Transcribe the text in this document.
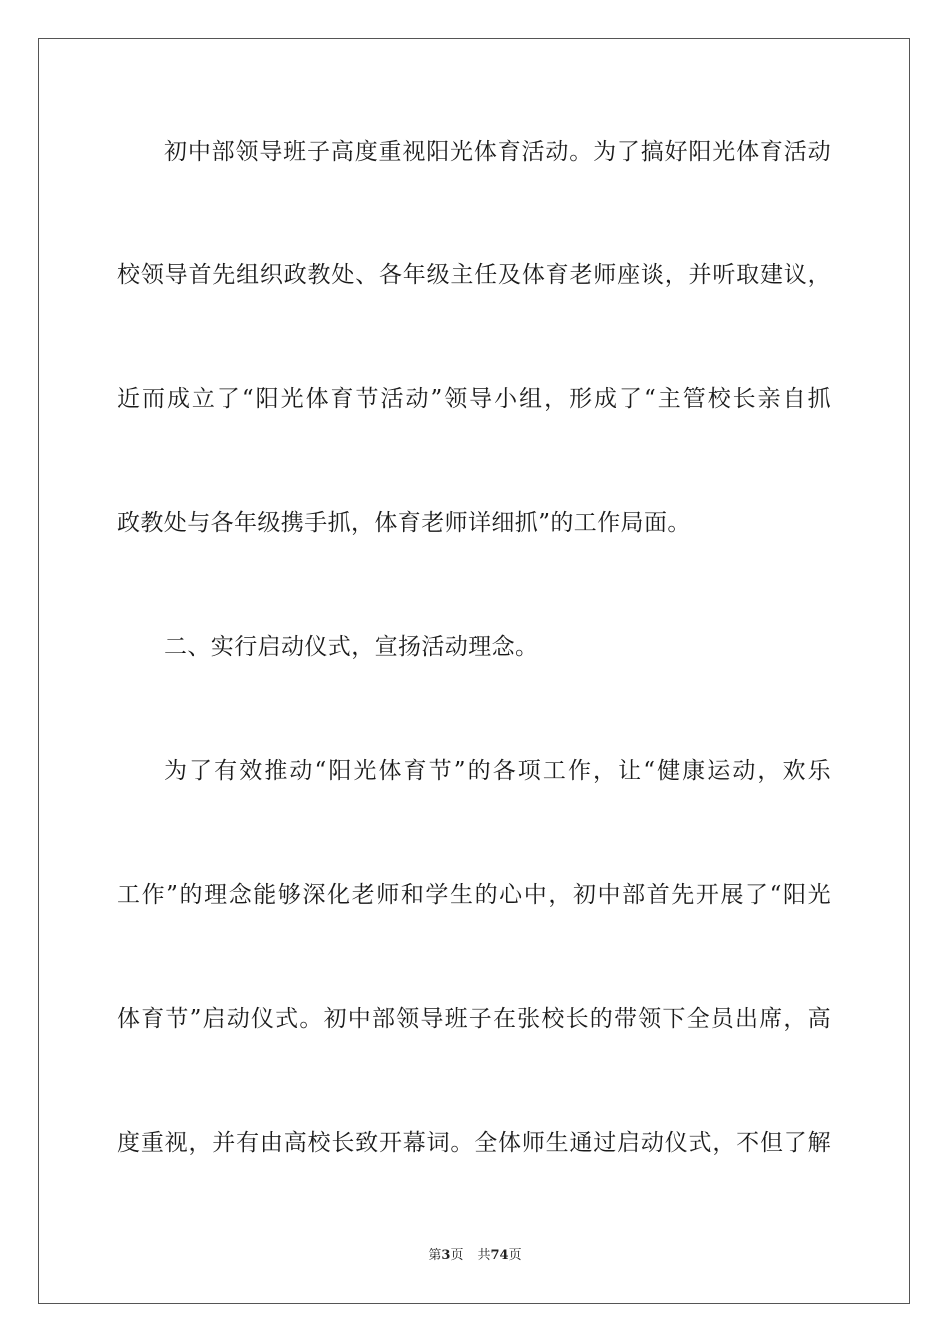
初中部领导班子高度重视阳光体育活动。为了搞好阳光体育活动
校领导首先组织政教处、各年级主任及体育老师座谈，并听取建议，
近而成立了“阳光体育节活动”领导小组，形成了“主管校长亲自抓
政教处与各年级携手抓，体育老师详细抓”的工作局面。
二、实行启动仪式，宣扬活动理念。
为了有效推动“阳光体育节”的各项工作，让“健康运动，欢乐
工作”的理念能够深化老师和学生的心中，初中部首先开展了“阳光
体育节”启动仪式。初中部领导班子在张校长的带领下全员出席，高
度重视，并有由高校长致开幕词。全体师生通过启动仪式，不但了解
第3页 共74页
